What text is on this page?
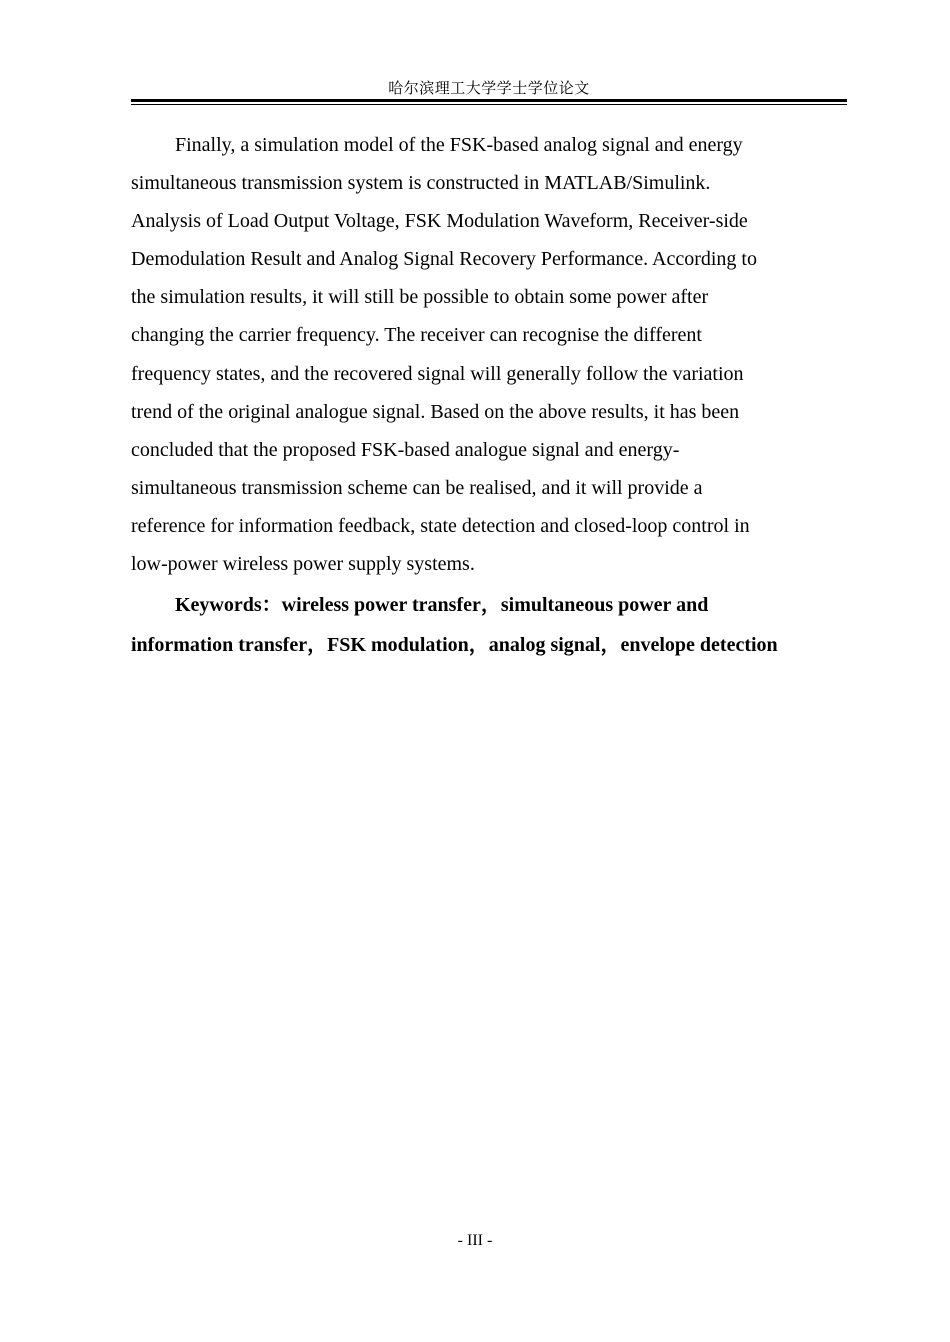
哈尔滨理工大学学士学位论文
Finally, a simulation model of the FSK-based analog signal and energy
simultaneous transmission system is constructed in MATLAB/Simulink.
Analysis of Load Output Voltage, FSK Modulation Waveform, Receiver-side
Demodulation Result and Analog Signal Recovery Performance. According to
the simulation results, it will still be possible to obtain some power after
changing the carrier frequency. The receiver can recognise the different
frequency states, and the recovered signal will generally follow the variation
trend of the original analogue signal. Based on the above results, it has been
concluded that the proposed FSK-based analogue signal and energy-
simultaneous transmission scheme can be realised, and it will provide a
reference for information feedback, state detection and closed-loop control in
low-power wireless power supply systems.
Keywords：wireless power transfer，simultaneous power and
information transfer，FSK modulation，analog signal，envelope detection
- III -
